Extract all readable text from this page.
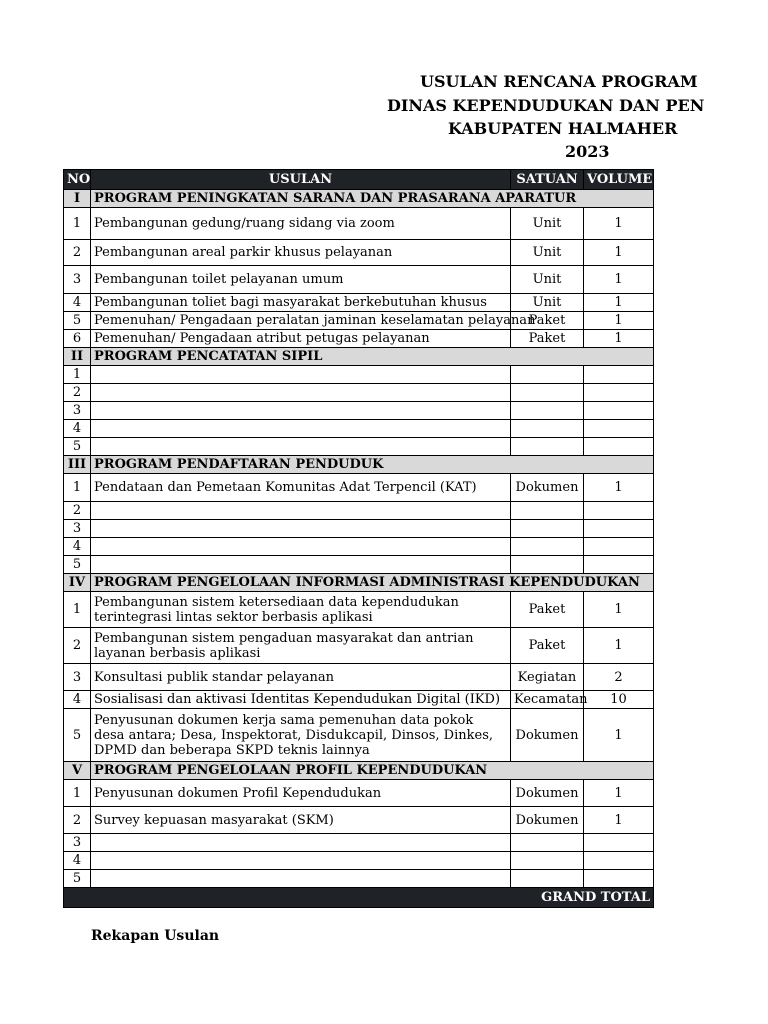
USULAN RENCANA PROGRAM
DINAS KEPENDUDUKAN DAN PEN
KABUPATEN HALMAHER
2023
NO	USULAN	SATUAN	VOLUME
I	PROGRAM PENINGKATAN SARANA DAN PRASARANA APARATUR		
1	Pembangunan gedung/ruang sidang via zoom	Unit	1
2	Pembangunan areal parkir khusus pelayanan	Unit	1
3	Pembangunan toilet pelayanan umum	Unit	1
4	Pembangunan toliet bagi masyarakat berkebutuhan khusus	Unit	1
5	Pemenuhan/ Pengadaan peralatan jaminan keselamatan pelayanan	Paket	1
6	Pemenuhan/ Pengadaan atribut petugas pelayanan	Paket	1
II	PROGRAM PENCATATAN SIPIL		
1			
2			
3			
4			
5			
III	PROGRAM PENDAFTARAN PENDUDUK		
1	Pendataan dan Pemetaan Komunitas Adat Terpencil (KAT)	Dokumen	1
2			
3			
4			
5			
IV	PROGRAM PENGELOLAAN INFORMASI ADMINISTRASI KEPENDUDUKAN		
1	Pembangunan sistem ketersediaan data kependudukan terintegrasi lintas sektor berbasis aplikasi	Paket	1
2	Pembangunan sistem pengaduan masyarakat dan antrian layanan berbasis aplikasi	Paket	1
3	Konsultasi publik standar pelayanan	Kegiatan	2
4	Sosialisasi dan aktivasi Identitas Kependudukan Digital (IKD)	Kecamatan	10
5	Penyusunan dokumen kerja sama pemenuhan data pokok desa antara; Desa, Inspektorat, Disdukcapil, Dinsos, Dinkes, DPMD dan beberapa SKPD teknis lainnya	Dokumen	1
V	PROGRAM PENGELOLAAN PROFIL KEPENDUDUKAN		
1	Penyusunan dokumen Profil Kependudukan	Dokumen	1
2	Survey kepuasan masyarakat (SKM)	Dokumen	1
3			
4			
5			
GRAND TOTAL			
Rekapan Usulan
